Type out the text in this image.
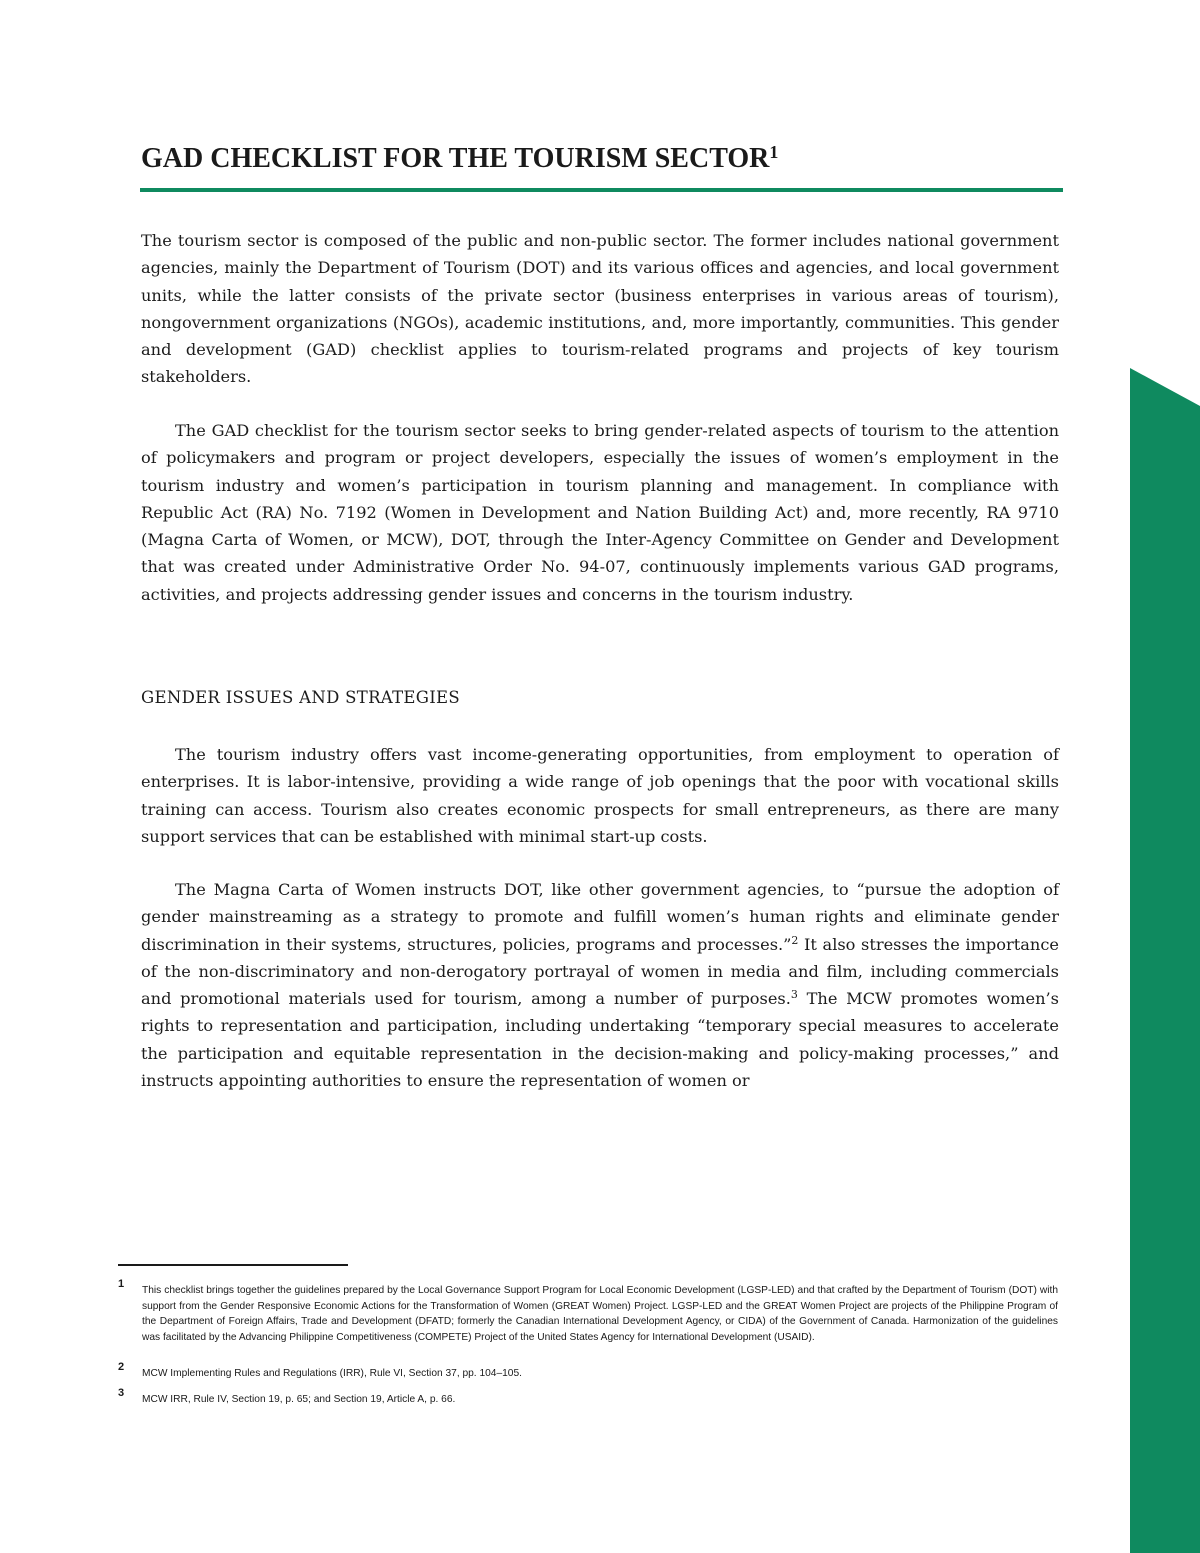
GAD CHECKLIST FOR THE TOURISM SECTOR$^1$

The tourism sector is composed of the public and non-public sector. The former includes national government agencies, mainly the Department of Tourism (DOT) and its various offices and agencies, and local government units, while the latter consists of the private sector (business enterprises in various areas of tourism), nongovernment organizations (NGOs), academic institutions, and, more importantly, communities. This gender and development (GAD) checklist applies to tourism-related programs and projects of key tourism stakeholders.

The GAD checklist for the tourism sector seeks to bring gender-related aspects of tourism to the attention of policymakers and program or project developers, especially the issues of women’s employment in the tourism industry and women’s participation in tourism planning and management. In compliance with Republic Act (RA) No. 7192 (Women in Development and Nation Building Act) and, more recently, RA 9710 (Magna Carta of Women, or MCW), DOT, through the Inter-Agency Committee on Gender and Development that was created under Administrative Order No. 94-07, continuously implements various GAD programs, activities, and projects addressing gender issues and concerns in the tourism industry.

GENDER ISSUES AND STRATEGIES

The tourism industry offers vast income-generating opportunities, from employment to operation of enterprises. It is labor-intensive, providing a wide range of job openings that the poor with vocational skills training can access. Tourism also creates economic prospects for small entrepreneurs, as there are many support services that can be established with minimal start-up costs.

The Magna Carta of Women instructs DOT, like other government agencies, to “pursue the adoption of gender mainstreaming as a strategy to promote and fulfill women’s human rights and eliminate gender discrimination in their systems, structures, policies, programs and processes.”$^2$ It also stresses the importance of the non-discriminatory and non-derogatory portrayal of women in media and film, including commercials and promotional materials used for tourism, among a number of purposes.$^3$ The MCW promotes women’s rights to representation and participation, including undertaking “temporary special measures to accelerate the participation and equitable representation in the decision-making and policy-making processes,” and instructs appointing authorities to ensure the representation of women or

1
This checklist brings together the guidelines prepared by the Local Governance Support Program for Local Economic Development (LGSP-LED) and that crafted by the Department of Tourism (DOT) with support from the Gender Responsive Economic Actions for the Transformation of Women (GREAT Women) Project. LGSP-LED and the GREAT Women Project are projects of the Philippine Program of the Department of Foreign Affairs, Trade and Development (DFATD; formerly the Canadian International Development Agency, or CIDA) of the Government of Canada. Harmonization of the guidelines was facilitated by the Advancing Philippine Competitiveness (COMPETE) Project of the United States Agency for International Development (USAID).
2
MCW Implementing Rules and Regulations (IRR), Rule VI, Section 37, pp. 104–105.
3
MCW IRR, Rule IV, Section 19, p. 65; and Section 19, Article A, p. 66.
